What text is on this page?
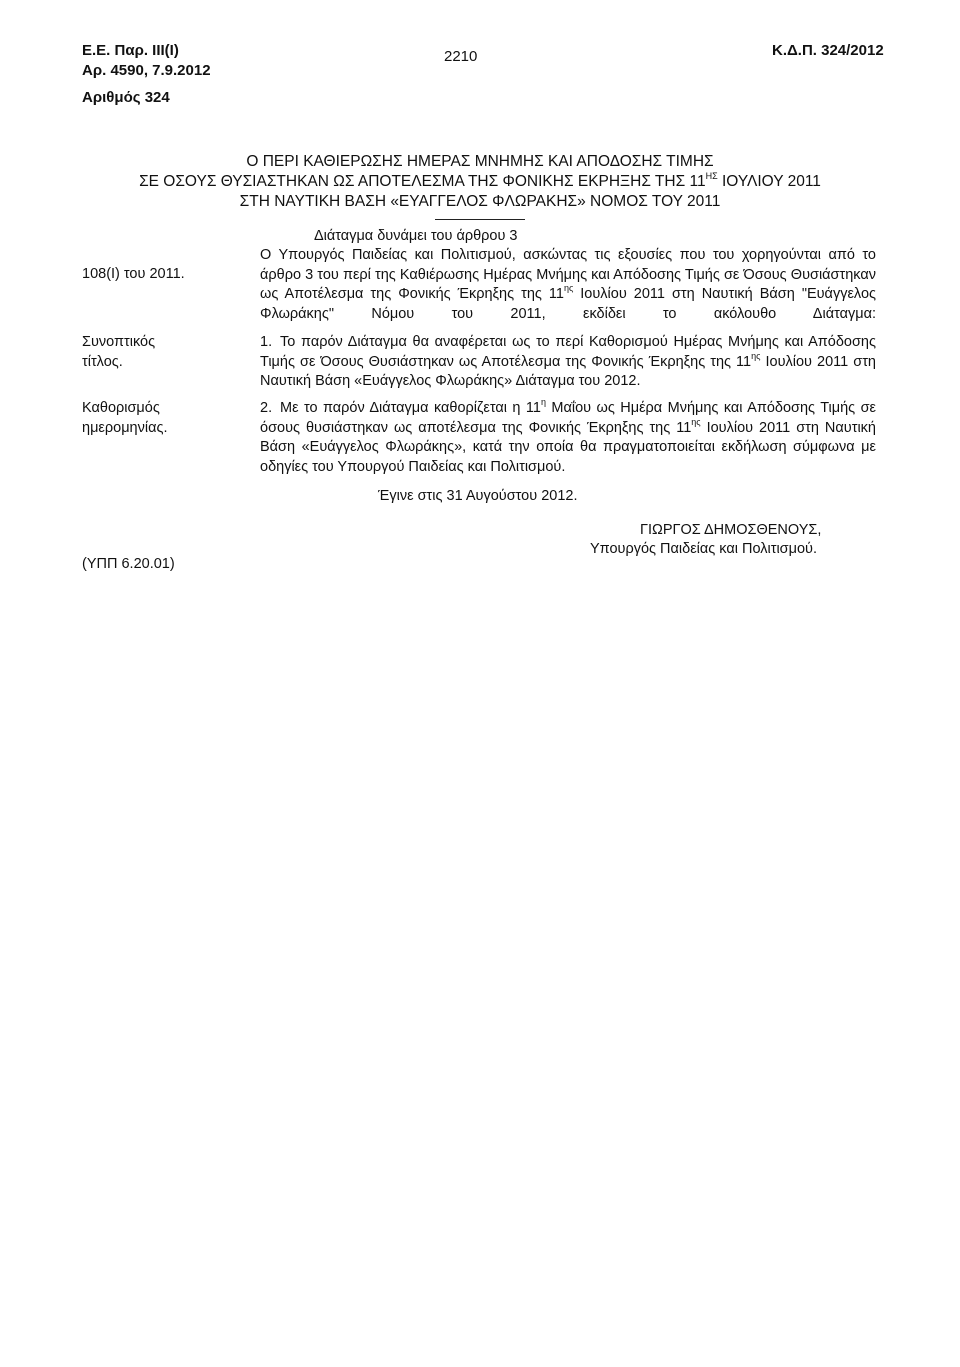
Ε.Ε. Παρ. ΙΙΙ(Ι)
Αρ. 4590, 7.9.2012
Αριθμός 324
2210	Κ.Δ.Π. 324/2012
Ο ΠΕΡΙ ΚΑΘΙΕΡΩΣΗΣ ΗΜΕΡΑΣ ΜΝΗΜΗΣ ΚΑΙ ΑΠΟΔΟΣΗΣ ΤΙΜΗΣ
ΣΕ ΟΣΟΥΣ ΘΥΣΙΑΣΤΗΚΑΝ ΩΣ ΑΠΟΤΕΛΕΣΜΑ ΤΗΣ ΦΟΝΙΚΗΣ ΕΚΡΗΞΗΣ ΤΗΣ $11^{H\Sigma}$ ΙΟΥΛΙΟΥ 2011
ΣΤΗ ΝΑΥΤΙΚΗ ΒΑΣΗ «ΕΥΑΓΓΕΛΟΣ ΦΛΩΡΑΚΗΣ» ΝΟΜΟΣ ΤΟΥ 2011
Διάταγμα δυνάμει του άρθρου 3
Ο Υπουργός Παιδείας και Πολιτισμού, ασκώντας τις εξουσίες που του χορηγούνται από το άρθρο 3 του περί της Καθιέρωσης Ημέρας Μνήμης και Απόδοσης Τιμής σε Όσους Θυσιάστηκαν ως Αποτέλεσμα της Φονικής Έκρηξης της $11^{\eta\varsigma}$ Ιουλίου 2011 στη Ναυτική Βάση "Ευάγγελος Φλωράκης" Νόμου του 2011, εκδίδει το ακόλουθο Διάταγμα:
108(Ι) του 2011.
Συνοπτικός
τίτλος.
Καθορισμός
ημερομηνίας.
(ΥΠΠ 6.20.01)
1. Το παρόν Διάταγμα θα αναφέρεται ως το περί Καθορισμού Ημέρας Μνήμης και Απόδοσης Τιμής σε Όσους Θυσιάστηκαν ως Αποτέλεσμα της Φονικής Έκρηξης της $11^{\eta\varsigma}$ Ιουλίου 2011 στη Ναυτική Βάση «Ευάγγελος Φλωράκης» Διάταγμα του 2012.
2. Με το παρόν Διάταγμα καθορίζεται η $11^\eta$ Μαΐου ως Ημέρα Μνήμης και Απόδοσης Τιμής σε όσους θυσιάστηκαν ως αποτέλεσμα της Φονικής Έκρηξης της $11^{\eta\varsigma}$ Ιουλίου 2011 στη Ναυτική Βάση «Ευάγγελος Φλωράκης», κατά την οποία θα πραγματοποιείται εκδήλωση σύμφωνα με οδηγίες του Υπουργού Παιδείας και Πολιτισμού.
Έγινε στις 31 Αυγούστου 2012.
ΓΙΩΡΓΟΣ ΔΗΜΟΣΘΕΝΟΥΣ,
Υπουργός Παιδείας και Πολιτισμού.
